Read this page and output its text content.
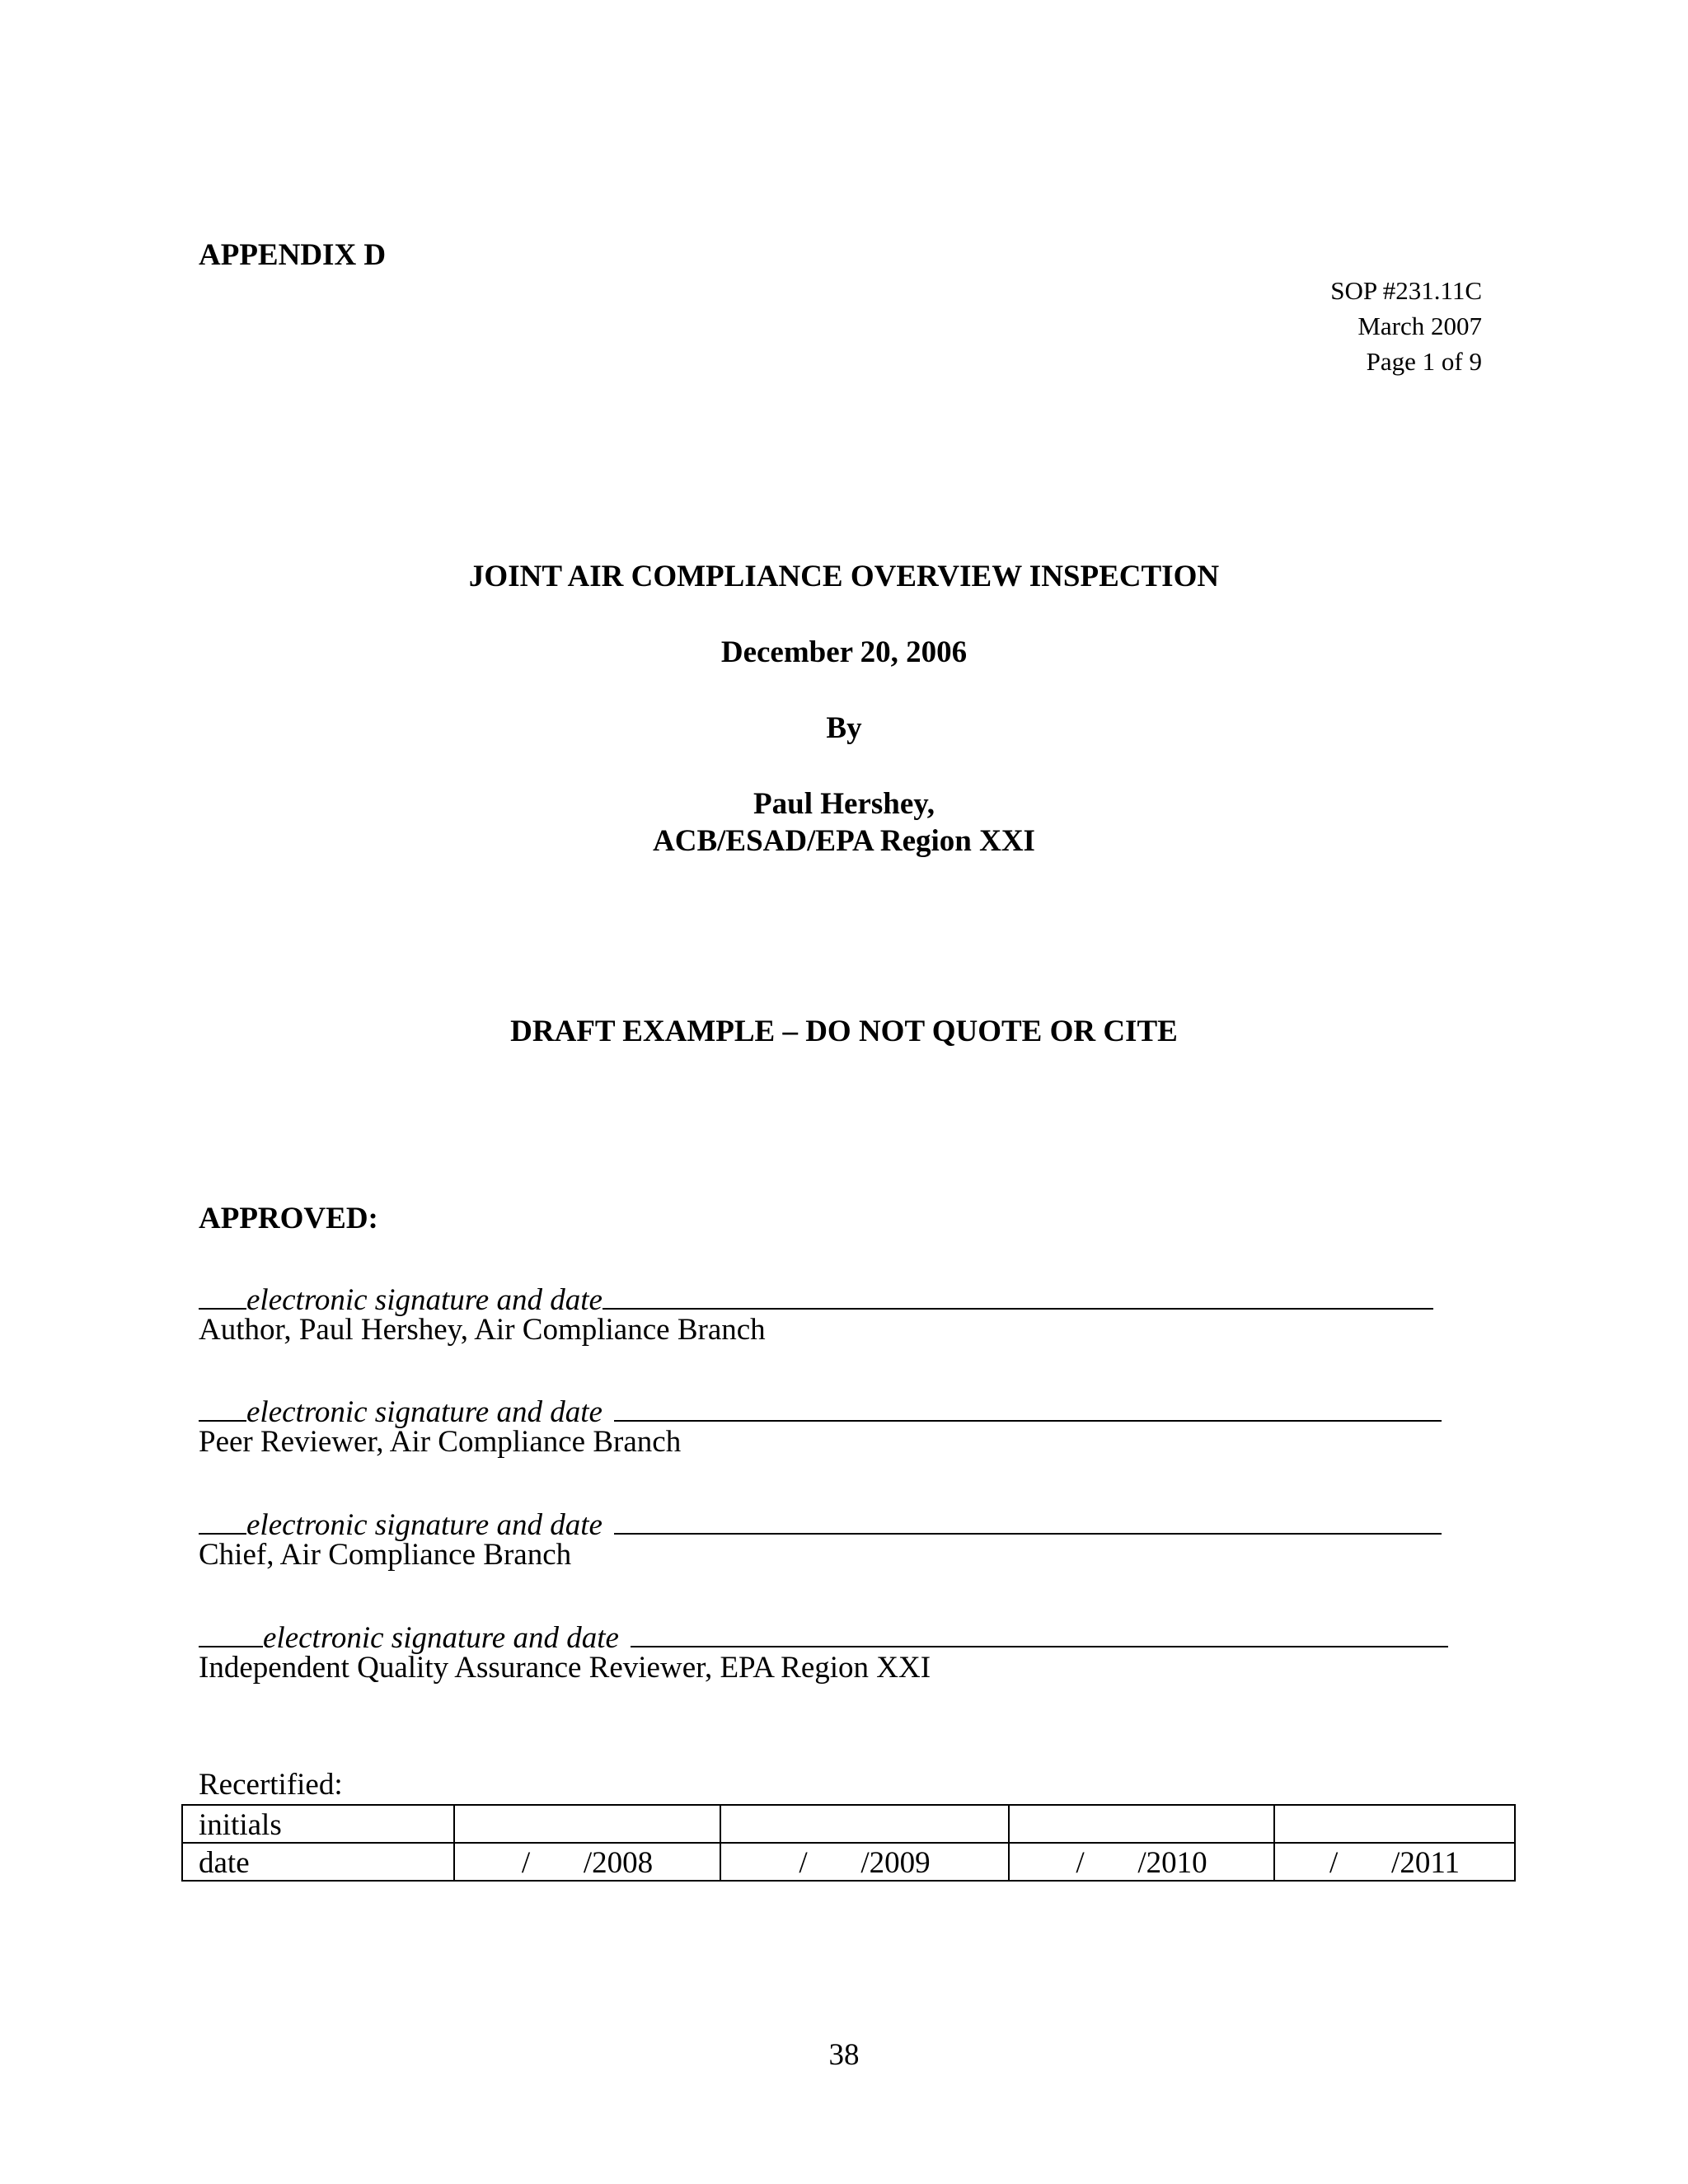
APPENDIX D
SOP #231.11C
March 2007
Page 1 of 9
JOINT AIR COMPLIANCE OVERVIEW INSPECTION
December 20, 2006
By
Paul Hershey,
ACB/ESAD/EPA Region XXI
DRAFT EXAMPLE – DO NOT QUOTE OR CITE
APPROVED:
electronic signature and date
Author, Paul Hershey, Air Compliance Branch
electronic signature and date
Peer Reviewer, Air Compliance Branch
electronic signature and date
Chief, Air Compliance Branch
electronic signature and date
Independent Quality Assurance Reviewer, EPA Region XXI
Recertified:
initials				
date	/       /2008	/       /2009	/       /2010	/       /2011
38
